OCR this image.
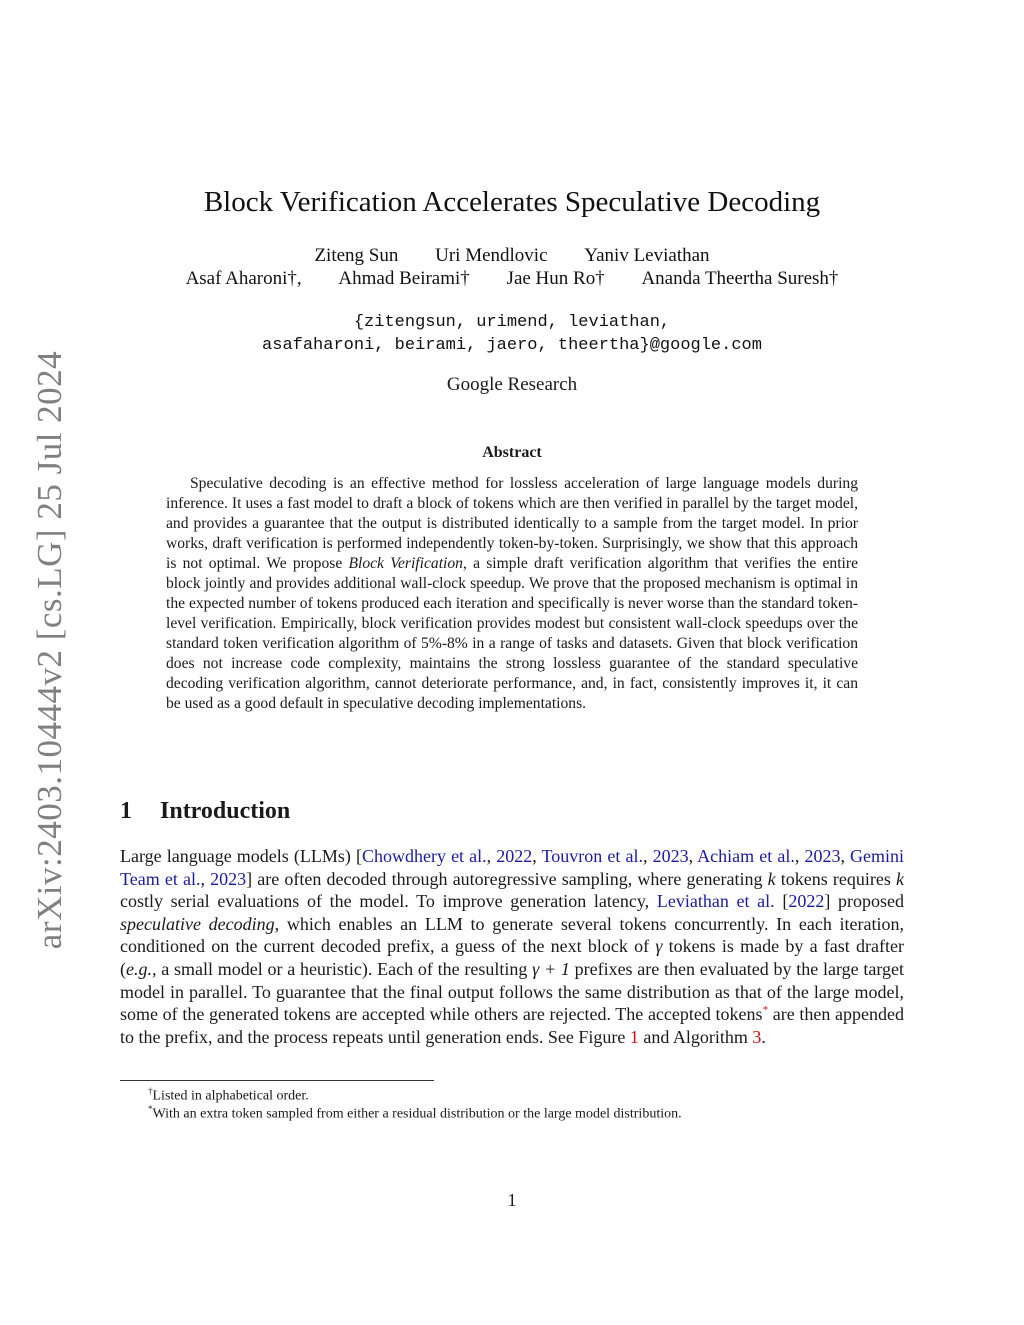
arXiv:2403.10444v2 [cs.LG] 25 Jul 2024
Block Verification Accelerates Speculative Decoding
Ziteng Sun Uri Mendlovic Yaniv Leviathan
Asaf Aharoni†, Ahmad Beirami† Jae Hun Ro† Ananda Theertha Suresh†
{zitengsun, urimend, leviathan,
asafaharoni, beirami, jaero, theertha}@google.com
Google Research
Abstract

Speculative decoding is an effective method for lossless acceleration of large language models during inference. It uses a fast model to draft a block of tokens which are then verified in parallel by the target model, and provides a guarantee that the output is distributed identically to a sample from the target model. In prior works, draft verification is performed independently token-by-token. Surprisingly, we show that this approach is not optimal. We propose Block Verification, a simple draft verification algorithm that verifies the entire block jointly and provides additional wall-clock speedup. We prove that the proposed mechanism is optimal in the expected number of tokens produced each iteration and specifically is never worse than the standard token-level verification. Empirically, block verification provides modest but consistent wall-clock speedups over the standard token verification algorithm of 5%-8% in a range of tasks and datasets. Given that block verification does not increase code complexity, maintains the strong lossless guarantee of the standard speculative decoding verification algorithm, cannot deteriorate performance, and, in fact, consistently improves it, it can be used as a good default in speculative decoding implementations.

1 Introduction

Large language models (LLMs) [Chowdhery et al., 2022, Touvron et al., 2023, Achiam et al., 2023, Gemini Team et al., 2023] are often decoded through autoregressive sampling, where generating k tokens requires k costly serial evaluations of the model. To improve generation latency, Leviathan et al. [2022] proposed speculative decoding, which enables an LLM to generate several tokens concurrently. In each iteration, conditioned on the current decoded prefix, a guess of the next block of γ tokens is made by a fast drafter (e.g., a small model or a heuristic). Each of the resulting γ + 1 prefixes are then evaluated by the large target model in parallel. To guarantee that the final output follows the same distribution as that of the large model, some of the generated tokens are accepted while others are rejected. The accepted tokens* are then appended to the prefix, and the process repeats until generation ends. See Figure 1 and Algorithm 3.

†Listed in alphabetical order.
*With an extra token sampled from either a residual distribution or the large model distribution.
1
